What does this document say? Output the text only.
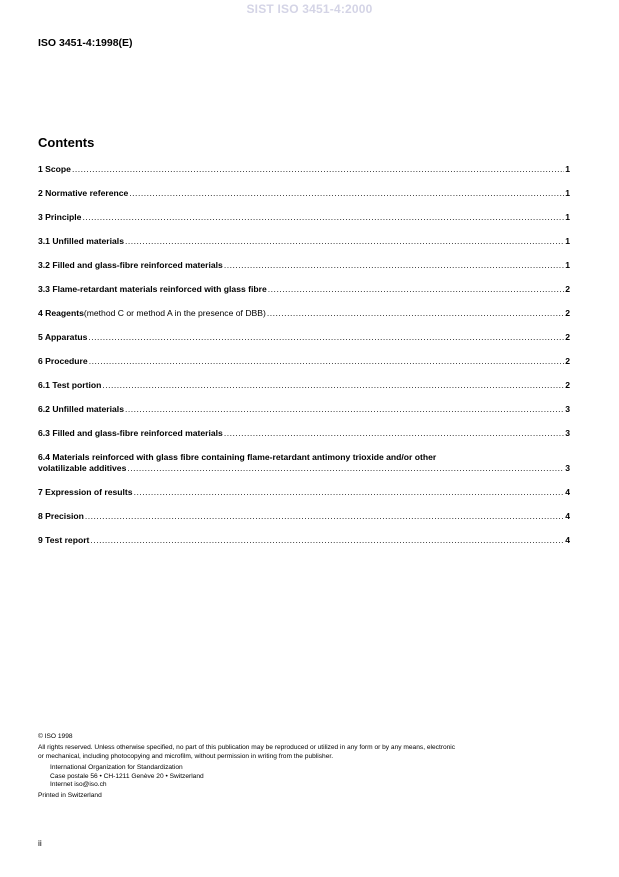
SIST ISO 3451-4:2000
ISO 3451-4:1998(E)
Contents
1 Scope .....	1
2 Normative reference .....	1
3 Principle .....	1
3.1 Unfilled materials .....	1
3.2 Filled and glass-fibre reinforced materials .....	1
3.3 Flame-retardant materials reinforced with glass fibre .....	2
4 Reagents (method C or method A in the presence of DBB) .....	2
5 Apparatus .....	2
6 Procedure .....	2
6.1 Test portion .....	2
6.2 Unfilled materials .....	3
6.3 Filled and glass-fibre reinforced materials .....	3
6.4 Materials reinforced with glass fibre containing flame-retardant antimony trioxide and/or other
volatilizable additives .....	3
7 Expression of results .....	4
8 Precision .....	4
9 Test report .....	4
© ISO 1998
All rights reserved. Unless otherwise specified, no part of this publication may be reproduced or utilized in any form or by any means, electronic
or mechanical, including photocopying and microfilm, without permission in writing from the publisher.
International Organization for Standardization
Case postale 56 • CH-1211 Genève 20 • Switzerland
Internet iso@iso.ch
Printed in Switzerland
ii
